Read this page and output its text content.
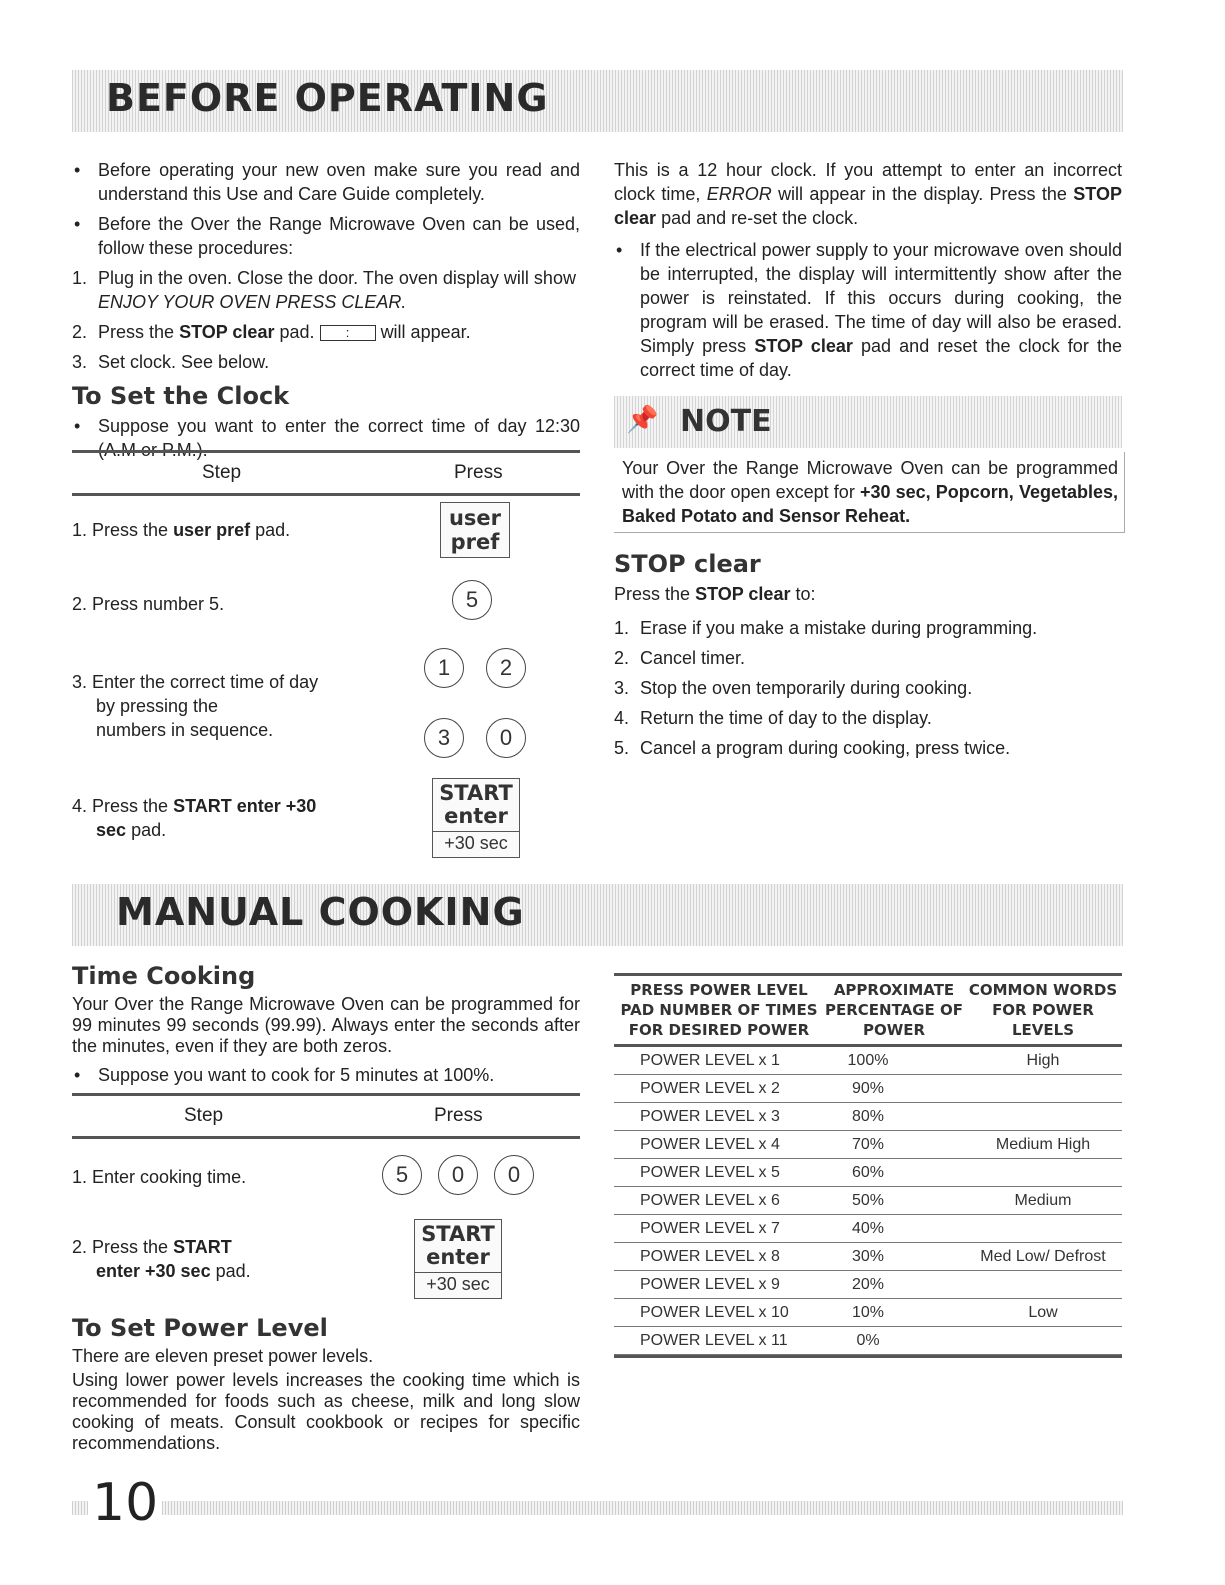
BEFORE OPERATING

• Before operating your new oven make sure you read and understand this Use and Care Guide completely.

• Before the Over the Range Microwave Oven can be used, follow these procedures:

1. Plug in the oven. Close the door. The oven display will show ENJOY YOUR OVEN PRESS CLEAR.
2. Press the STOP clear pad. : will appear.
3. Set clock. See below.
To Set the Clock

• Suppose you want to enter the correct time of day 12:30

Step	Press
1. Press the user pref pad.	user
pref
2. Press number 5.	5
3. Enter the correct time of day
by pressing the
numbers in sequence.
1	2
3	0
4. Press the START enter +30
sec pad.
START
enter
+30 sec

This is a 12 hour clock. If you attempt to enter an incorrect clock time, ERROR will appear in the display. Press the STOP clear pad and re-set the clock.

• If the electrical power supply to your microwave oven should be interrupted, the display will intermittently show after the power is reinstated. If this occurs during cooking, the program will be erased. The time of day will also be erased. Simply press STOP clear pad and reset the clock for the correct time of day.

📌 NOTE

Your Over the Range Microwave Oven can be programmed with the door open except for +30 sec, Popcorn, Vegetables, Baked Potato and Sensor Reheat.

STOP clear

Press the STOP clear to:

1. Erase if you make a mistake during programming.
2. Cancel timer.
3. Stop the oven temporarily during cooking.
4. Return the time of day to the display.
5. Cancel a program during cooking, press twice.
MANUAL COOKING
Time Cooking

Your Over the Range Microwave Oven can be programmed for 99 minutes 99 seconds (99.99). Always enter the seconds after the minutes, even if they are both zeros.

• Suppose you want to cook for 5 minutes at 100%.

Step	Press
1. Enter cooking time.	5	0	0
2. Press the START
enter +30 sec pad.
START
enter
+30 sec
To Set Power Level

There are eleven preset power levels.

Using lower power levels increases the cooking time which is recommended for foods such as cheese, milk and long slow cooking of meats. Consult cookbook or recipes for specific recommendations.

PRESS POWER LEVEL PAD NUMBER OF TIMES FOR DESIRED POWER	APPROXIMATE PERCENTAGE OF POWER	COMMON WORDS FOR POWER LEVELS
POWER LEVEL x 1	100%	High
POWER LEVEL x 2	90%	
POWER LEVEL x 3	80%	
POWER LEVEL x 4	70%	Medium High
POWER LEVEL x 5	60%	
POWER LEVEL x 6	50%	Medium
POWER LEVEL x 7	40%	
POWER LEVEL x 8	30%	Med Low/ Defrost
POWER LEVEL x 9	20%	
POWER LEVEL x 10	10%	Low
POWER LEVEL x 11	0%	
10
